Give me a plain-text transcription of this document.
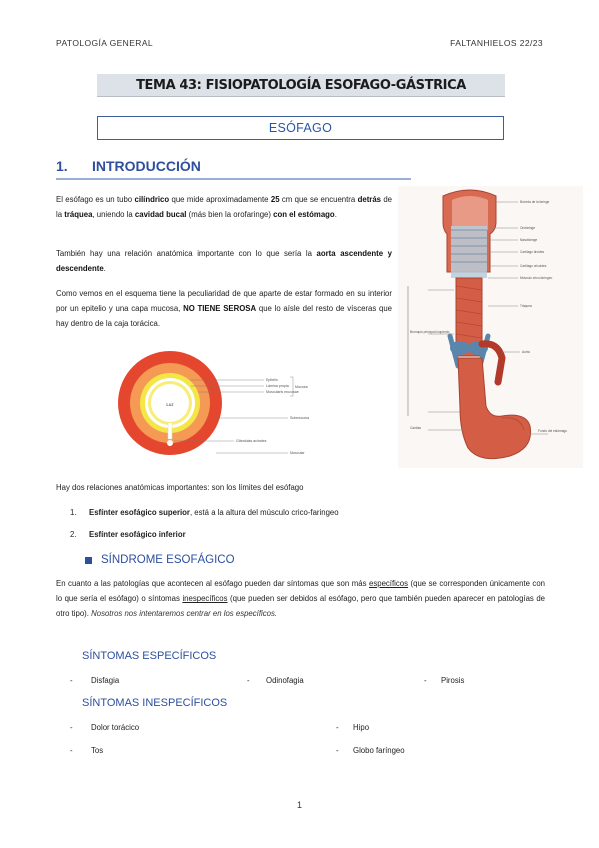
PATOLOGÍA GENERAL	FALTANHIELOS 22/23
TEMA 43: FISIOPATOLOGÍA ESOFAGO-GÁSTRICA
ESÓFAGO
1.	INTRODUCCIÓN
El esófago es un tubo cilíndrico que mide aproximadamente 25 cm que se encuentra detrás de la tráquea, uniendo la cavidad bucal (más bien la orofaringe) con el estómago.
También hay una relación anatómica importante con lo que sería la aorta ascendente y descendente.
Como vemos en el esquema tiene la peculiaridad de que aparte de estar formado en su interior por un epitelio y una capa mucosa, NO TIENE SEROSA que lo aísle del resto de vísceras que hay dentro de la caja torácica.
Bóveda de la faringe
Orofaringe
Nasofaringe
Cartílago tiroides
Cartílago cricoides
Músculo crico-faríngeo
Tráquea
Aorta
Bronquio principal izquierdo
Cardias
Fondo del estómago
Luz
Epitelio
Lámina propia
Muscularis mucosae
Submucosa
Glándulas acinales
Muscular
Mucosa
Hay dos relaciones anatómicas importantes: son los límites del esófago
1. Esfínter esofágico superior, está a la altura del músculo crico-faringeo
2. Esfínter esofágico inferior
SÍNDROME ESOFÁGICO
En cuanto a las patologías que acontecen al esófago pueden dar síntomas que son más específicos (que se corresponden únicamente con lo que sería el esófago) o síntomas inespecíficos (que pueden ser debidos al esófago, pero que también pueden aparecer en patologías de otro tipo). Nosotros nos intentaremos centrar en los específicos.
SÍNTOMAS ESPECÍFICOS
- Disfagia	- Odinofagia	- Pirosis
SÍNTOMAS INESPECÍFICOS
- Dolor torácico	- Hipo
- Tos	- Globo faríngeo
1
